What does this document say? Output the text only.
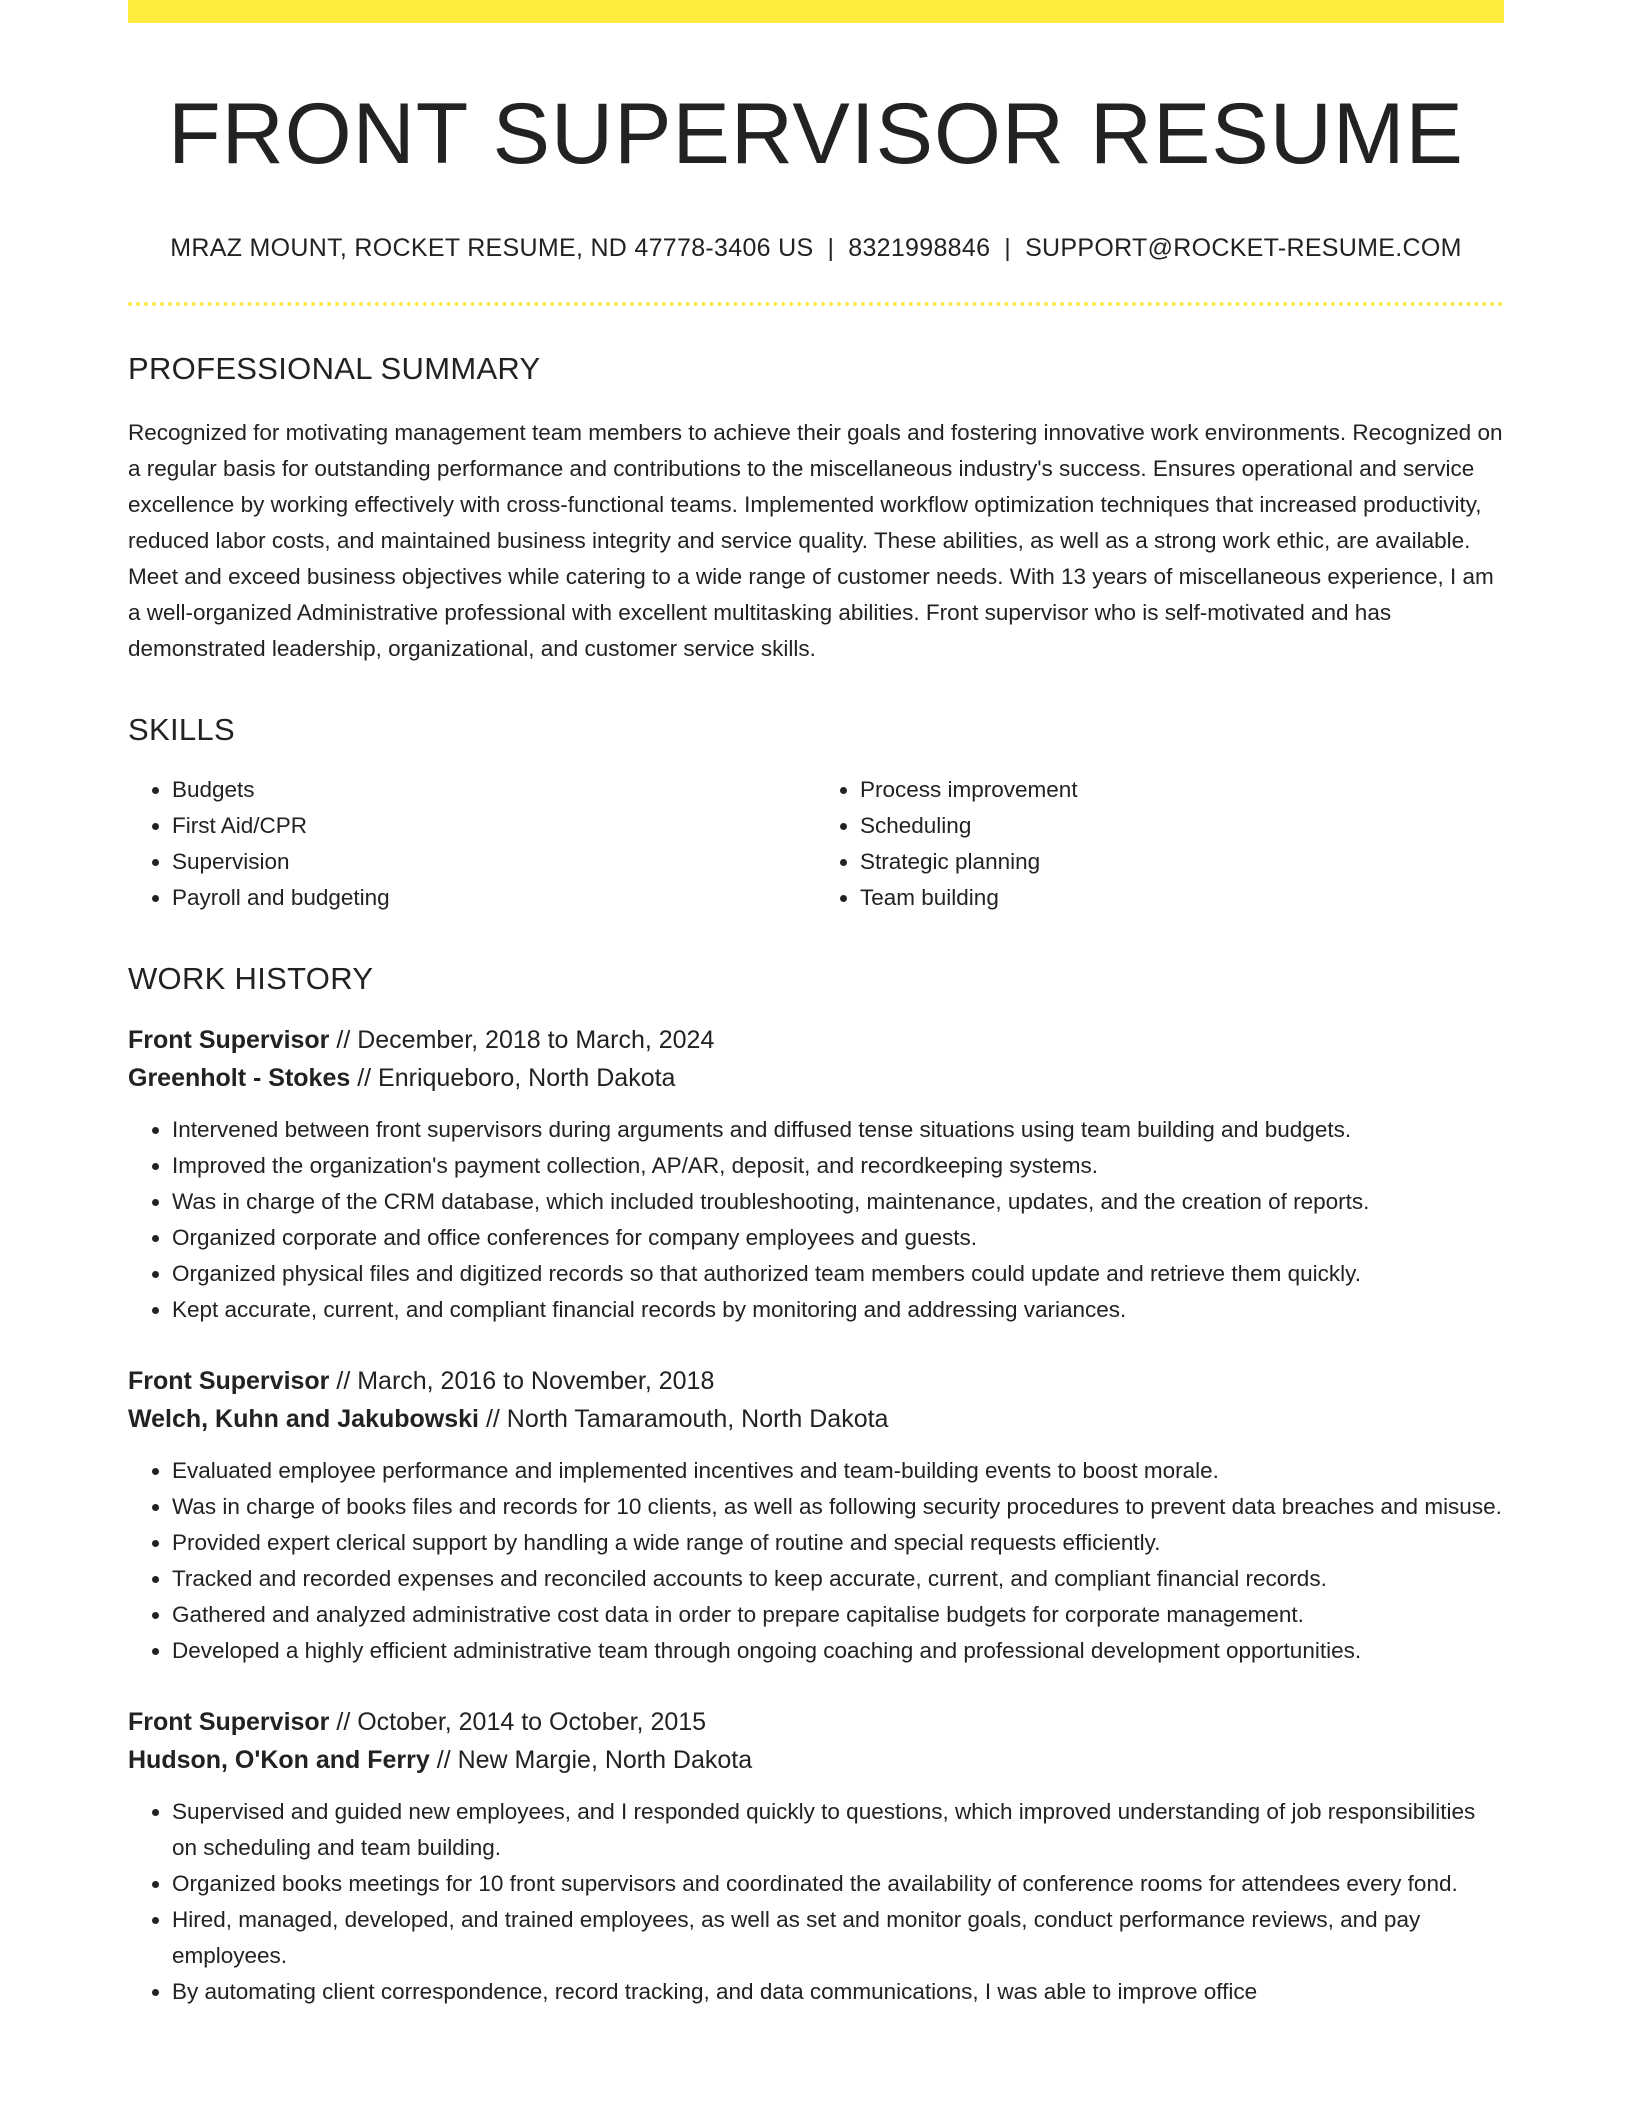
FRONT SUPERVISOR RESUME
MRAZ MOUNT, ROCKET RESUME, ND 47778-3406 US | 8321998846 | SUPPORT@ROCKET-RESUME.COM
PROFESSIONAL SUMMARY
Recognized for motivating management team members to achieve their goals and fostering innovative work environments. Recognized on a regular basis for outstanding performance and contributions to the miscellaneous industry's success. Ensures operational and service excellence by working effectively with cross-functional teams. Implemented workflow optimization techniques that increased productivity, reduced labor costs, and maintained business integrity and service quality. These abilities, as well as a strong work ethic, are available. Meet and exceed business objectives while catering to a wide range of customer needs. With 13 years of miscellaneous experience, I am a well-organized Administrative professional with excellent multitasking abilities. Front supervisor who is self-motivated and has demonstrated leadership, organizational, and customer service skills.
SKILLS
• Budgets
• First Aid/CPR
• Supervision
• Payroll and budgeting
• Process improvement
• Scheduling
• Strategic planning
• Team building
WORK HISTORY
Front Supervisor // December, 2018 to March, 2024
Greenholt - Stokes // Enriqueboro, North Dakota
• Intervened between front supervisors during arguments and diffused tense situations using team building and budgets.
• Improved the organization's payment collection, AP/AR, deposit, and recordkeeping systems.
• Was in charge of the CRM database, which included troubleshooting, maintenance, updates, and the creation of reports.
• Organized corporate and office conferences for company employees and guests.
• Organized physical files and digitized records so that authorized team members could update and retrieve them quickly.
• Kept accurate, current, and compliant financial records by monitoring and addressing variances.
Front Supervisor // March, 2016 to November, 2018
Welch, Kuhn and Jakubowski // North Tamaramouth, North Dakota
• Evaluated employee performance and implemented incentives and team-building events to boost morale.
• Was in charge of books files and records for 10 clients, as well as following security procedures to prevent data breaches and misuse.
• Provided expert clerical support by handling a wide range of routine and special requests efficiently.
• Tracked and recorded expenses and reconciled accounts to keep accurate, current, and compliant financial records.
• Gathered and analyzed administrative cost data in order to prepare capitalise budgets for corporate management.
• Developed a highly efficient administrative team through ongoing coaching and professional development opportunities.
Front Supervisor // October, 2014 to October, 2015
Hudson, O'Kon and Ferry // New Margie, North Dakota
• Supervised and guided new employees, and I responded quickly to questions, which improved understanding of job responsibilities on scheduling and team building.
• Organized books meetings for 10 front supervisors and coordinated the availability of conference rooms for attendees every fond.
• Hired, managed, developed, and trained employees, as well as set and monitor goals, conduct performance reviews, and pay employees.
• By automating client correspondence, record tracking, and data communications, I was able to improve office
